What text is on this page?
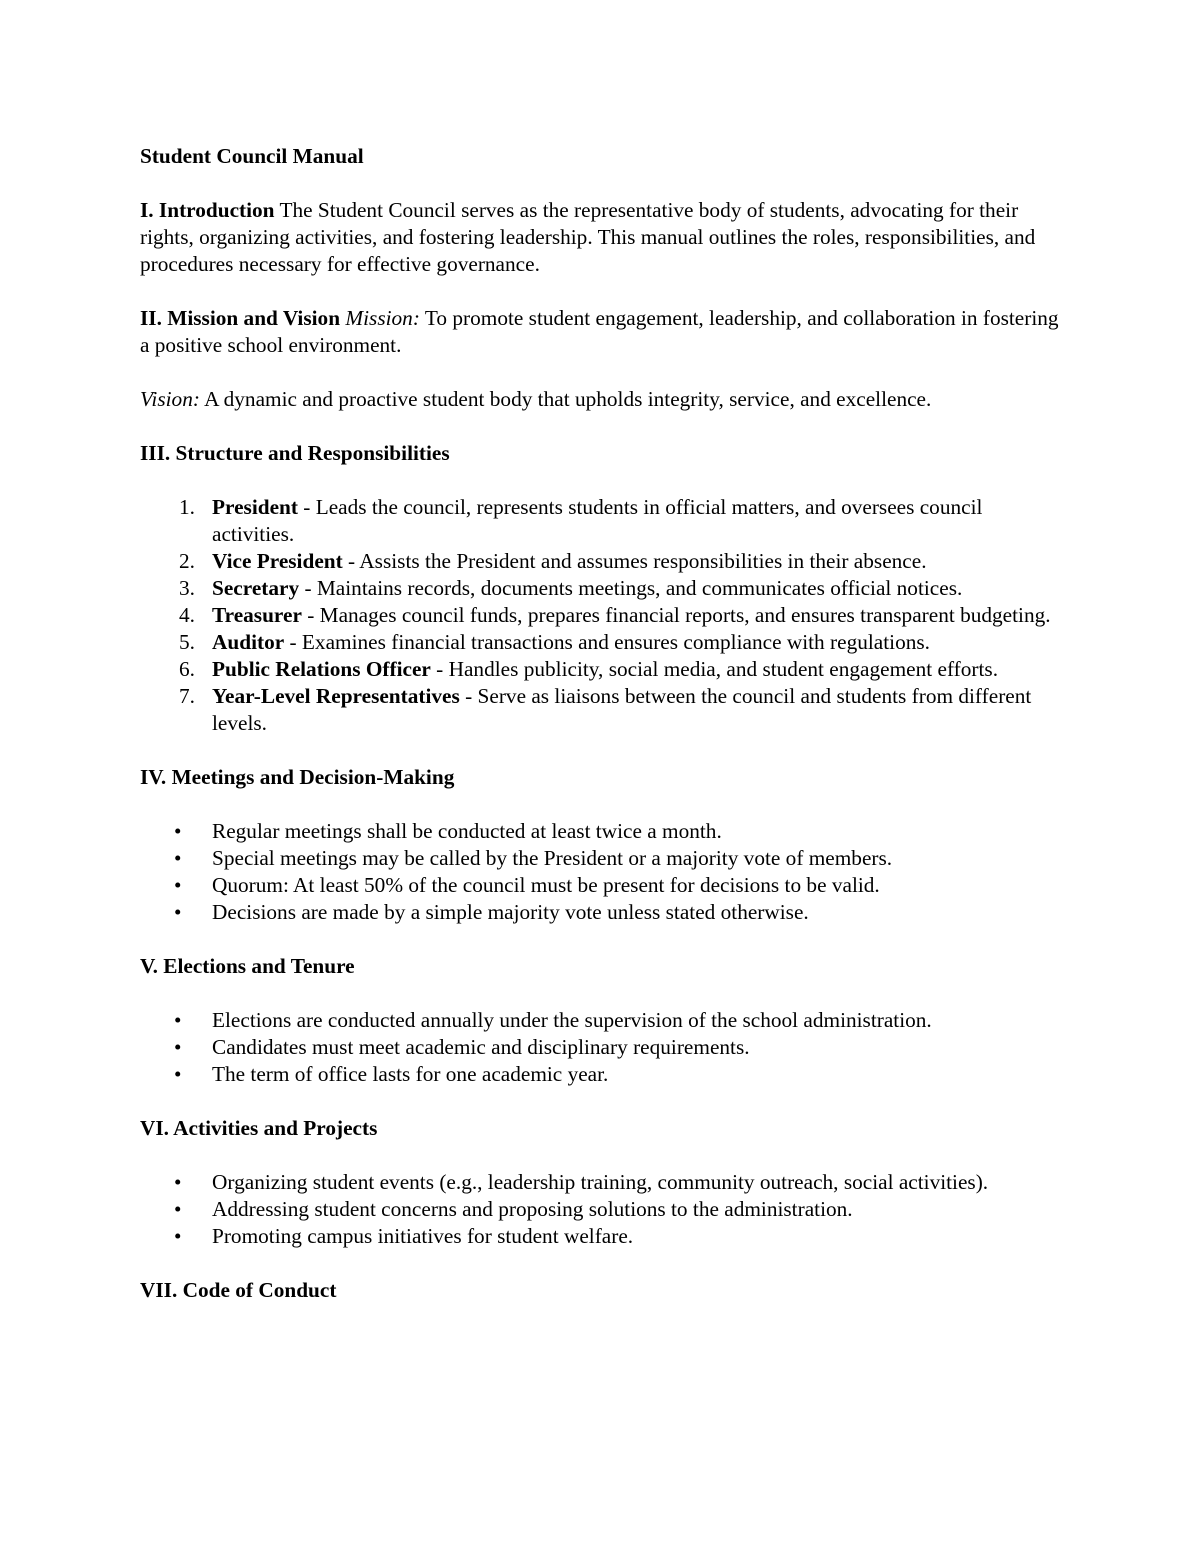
Student Council Manual

I. Introduction The Student Council serves as the representative body of students, advocating for their rights, organizing activities, and fostering leadership. This manual outlines the roles, responsibilities, and procedures necessary for effective governance.

II. Mission and Vision Mission: To promote student engagement, leadership, and collaboration in fostering a positive school environment.

Vision: A dynamic and proactive student body that upholds integrity, service, and excellence.

III. Structure and Responsibilities

1. President - Leads the council, represents students in official matters, and oversees council activities.
2. Vice President - Assists the President and assumes responsibilities in their absence.
3. Secretary - Maintains records, documents meetings, and communicates official notices.
4. Treasurer - Manages council funds, prepares financial reports, and ensures transparent budgeting.
5. Auditor - Examines financial transactions and ensures compliance with regulations.
6. Public Relations Officer - Handles publicity, social media, and student engagement efforts.
7. Year-Level Representatives - Serve as liaisons between the council and students from different levels.

IV. Meetings and Decision-Making

• Regular meetings shall be conducted at least twice a month.
• Special meetings may be called by the President or a majority vote of members.
• Quorum: At least 50% of the council must be present for decisions to be valid.
• Decisions are made by a simple majority vote unless stated otherwise.

V. Elections and Tenure

• Elections are conducted annually under the supervision of the school administration.
• Candidates must meet academic and disciplinary requirements.
• The term of office lasts for one academic year.

VI. Activities and Projects

• Organizing student events (e.g., leadership training, community outreach, social activities).
• Addressing student concerns and proposing solutions to the administration.
• Promoting campus initiatives for student welfare.

VII. Code of Conduct
